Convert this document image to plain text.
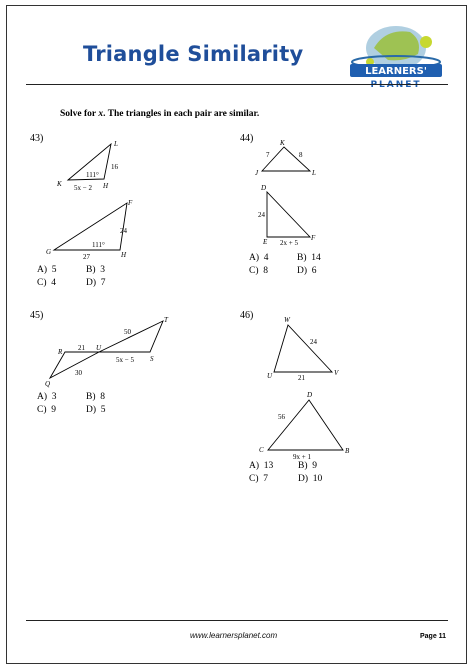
Triangle Similarity
LEARNERS'
PLANET
Solve for x. The triangles in each pair are similar.
43)	L
K	H
16
5x − 2
111°
F
G	H
24
27
111°
A) 5	B) 3
C) 4	D) 7
44)	K
J	L
7	8
D
E	F
24
2x + 5
A) 4	B) 14
C) 8	D) 6
45)	T
R	U
S
Q
50
21
5x − 5
30
A) 3	B) 8
C) 9	D) 5
46)	W
U	V
24
21
D
C	B
56
9x + 1
A) 13	B) 9
C) 7	D) 10
www.learnersplanet.com	Page 11
